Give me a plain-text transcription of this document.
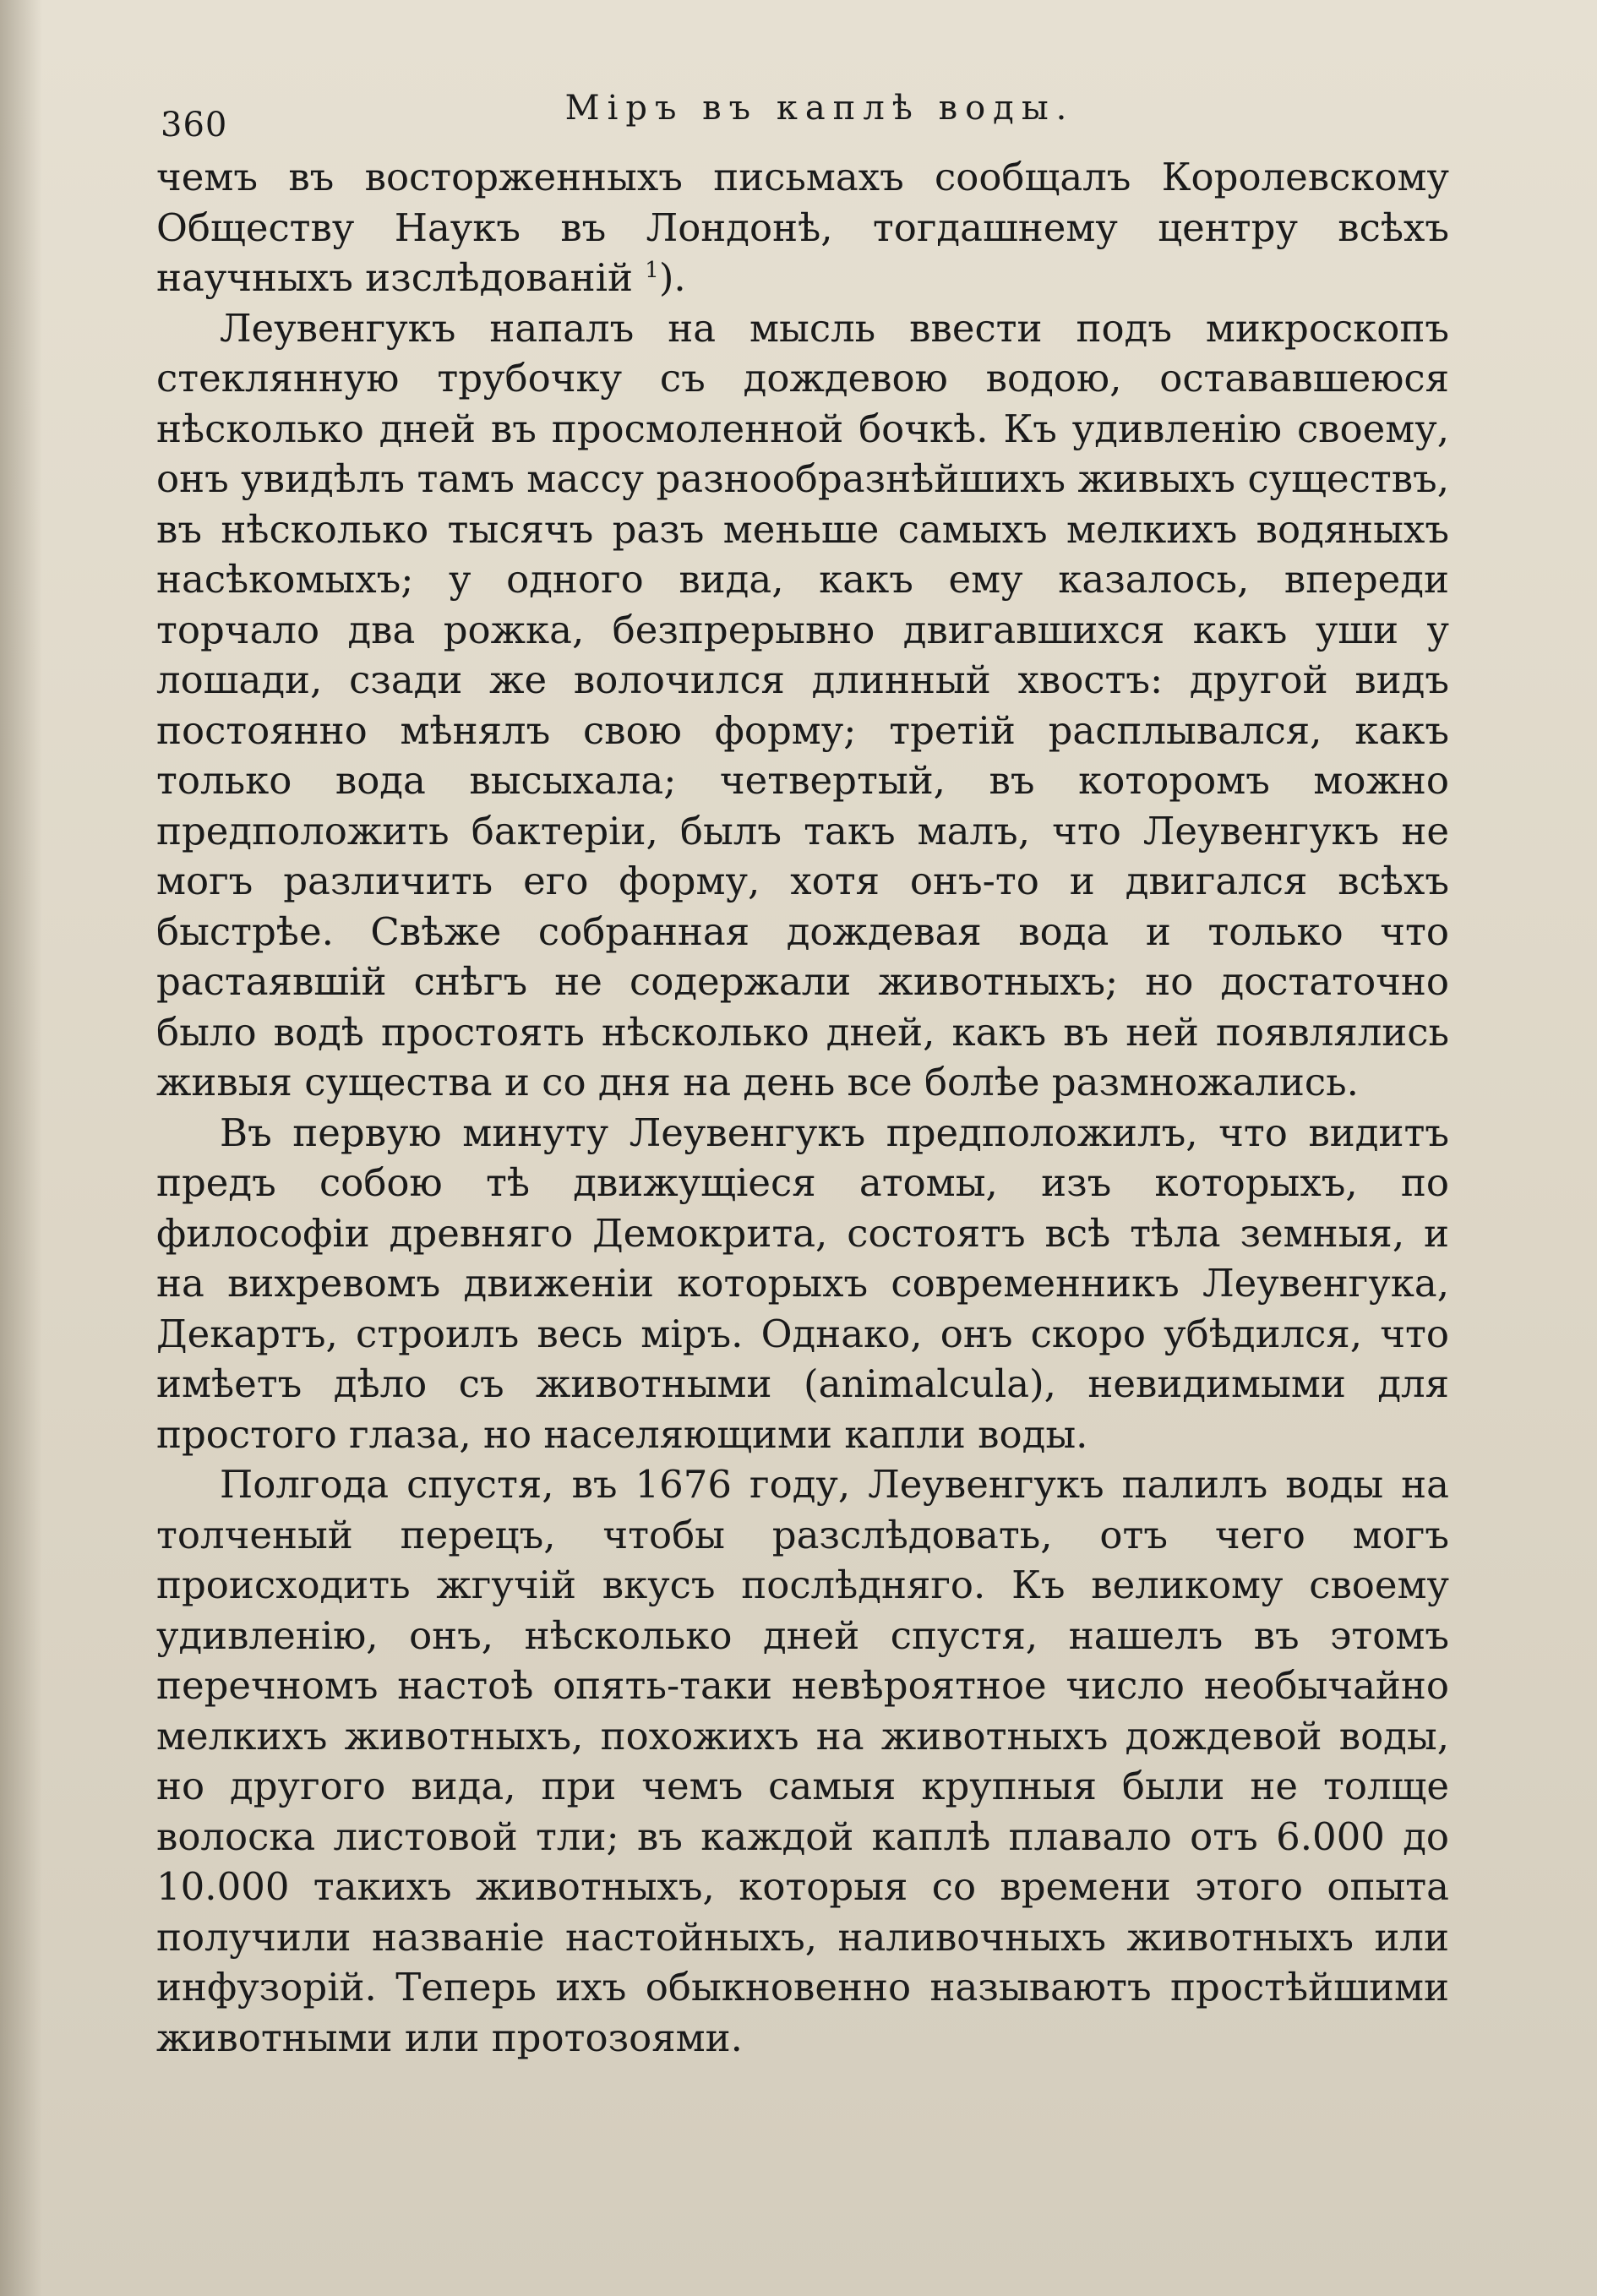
360	Міръ въ каплѣ воды.

чемъ въ восторженныхъ письмахъ сообщалъ Королевскому Обществу Наукъ въ Лондонѣ, тогдашнему центру всѣхъ научныхъ изслѣдованій $^1$).

Леувенгукъ напалъ на мысль ввести подъ микроскопъ стеклянную трубочку съ дождевою водою, остававшеюся нѣсколько дней въ просмоленной бочкѣ. Къ удивленію своему, онъ увидѣлъ тамъ массу разнообразнѣйшихъ живыхъ существъ, въ нѣсколько тысячъ разъ меньше самыхъ мелкихъ водяныхъ насѣкомыхъ; у одного вида, какъ ему казалось, впереди торчало два рожка, безпрерывно двигавшихся какъ уши у лошади, сзади же волочился длинный хвостъ: другой видъ постоянно мѣнялъ свою форму; третій расплывался, какъ только вода высыхала; четвертый, въ которомъ можно предположить бактеріи, былъ такъ малъ, что Леувенгукъ не могъ различить его форму, хотя онъ-то и двигался всѣхъ быстрѣе. Свѣже собранная дождевая вода и только что растаявшій снѣгъ не содержали животныхъ; но достаточно было водѣ простоять нѣсколько дней, какъ въ ней появлялись живыя существа и со дня на день все болѣе размножались.

Въ первую минуту Леувенгукъ предположилъ, что видитъ предъ собою тѣ движущіеся атомы, изъ которыхъ, по философіи древняго Демокрита, состоятъ всѣ тѣла земныя, и на вихревомъ движеніи которыхъ современникъ Леувенгука, Декартъ, строилъ весь міръ. Однако, онъ скоро убѣдился, что имѣетъ дѣло съ животными (animalcula), невидимыми для простого глаза, но населяющими капли воды.

Полгода спустя, въ 1676 году, Леувенгукъ палилъ воды на толченый перецъ, чтобы разслѣдовать, отъ чего могъ происходить жгучій вкусъ послѣдняго. Къ великому своему удивленію, онъ, нѣсколько дней спустя, нашелъ въ этомъ перечномъ настоѣ опять-таки невѣроятное число необычайно мелкихъ животныхъ, похожихъ на животныхъ дождевой воды, но другого вида, при чемъ самыя крупныя были не толще волоска листовой тли; въ каждой каплѣ плавало отъ 6.000 до 10.000 такихъ животныхъ, которыя со времени этого опыта получили названіе настойныхъ, наливочныхъ животныхъ или инфузорій. Теперь ихъ обыкновенно называютъ простѣйшими животными или протозоями.
